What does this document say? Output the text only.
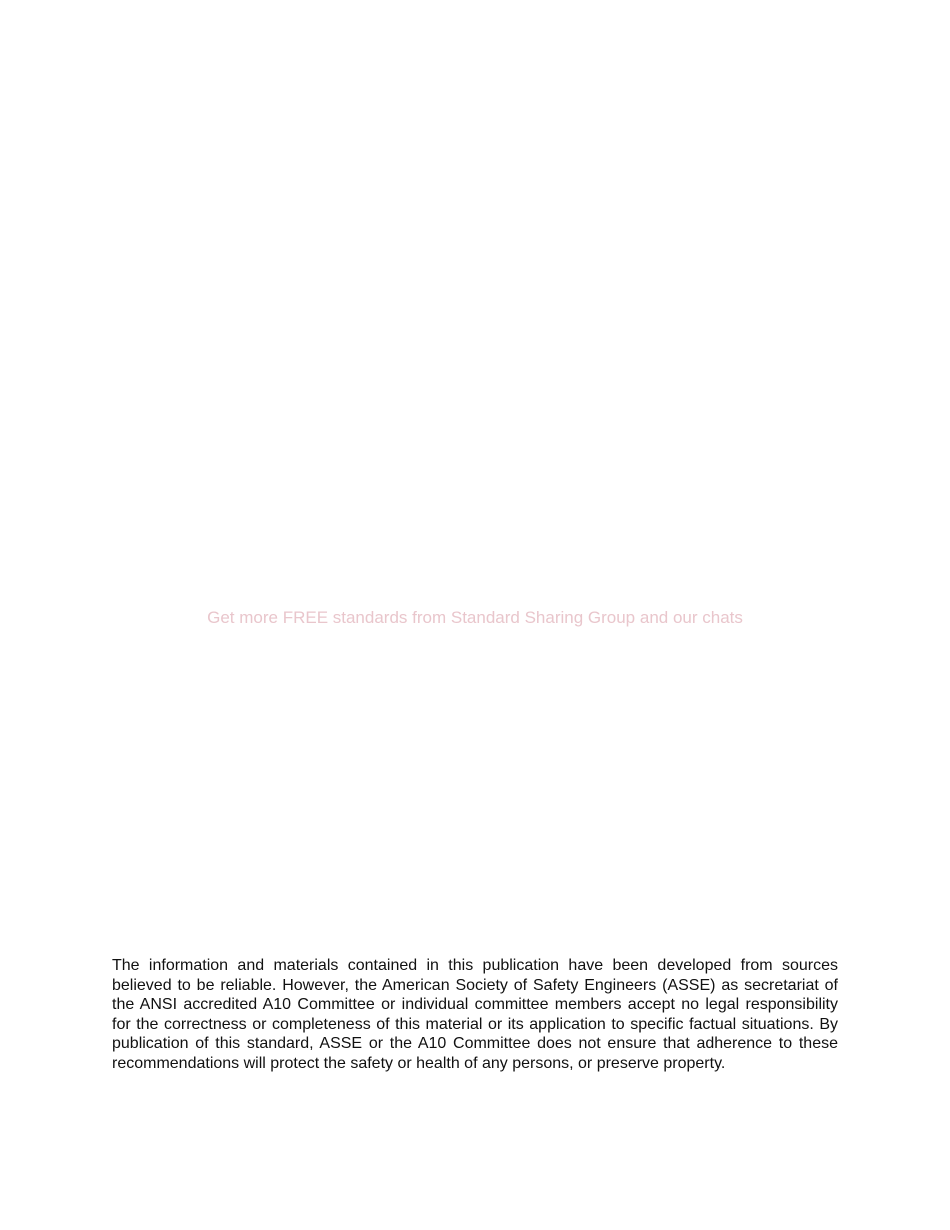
Get more FREE standards from Standard Sharing Group and our chats

The information and materials contained in this publication have been developed from sources believed to be reliable. However, the American Society of Safety Engineers (ASSE) as secretariat of the ANSI accredited A10 Committee or individual committee members accept no legal responsibility for the correctness or completeness of this material or its application to specific factual situations. By publication of this standard, ASSE or the A10 Committee does not ensure that adherence to these recommendations will protect the safety or health of any persons, or preserve property.
